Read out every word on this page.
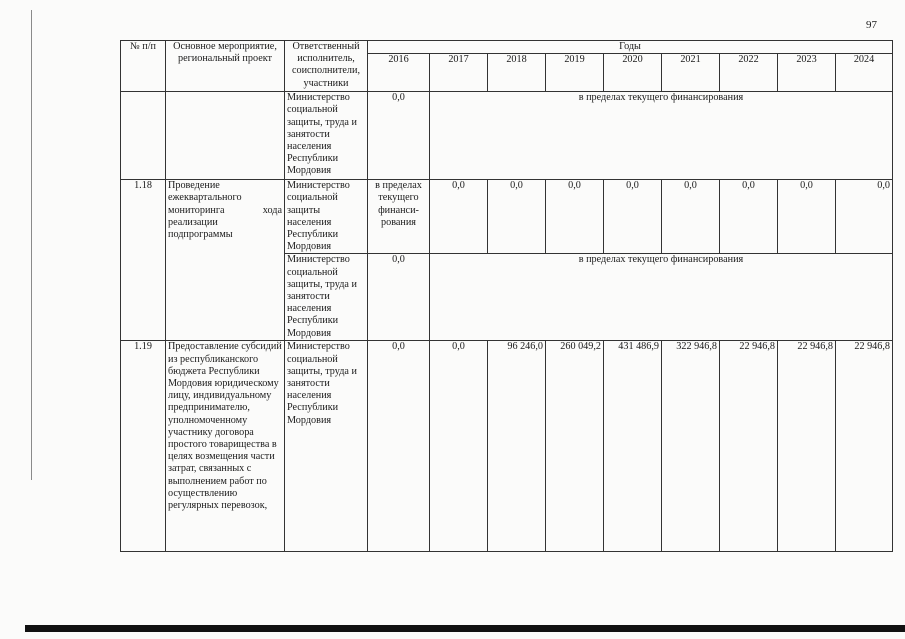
97
№ п/п	Основное мероприятие, региональный проект	Ответственный исполнитель, соисполнители, участники	Годы								
			2016	2017	2018	2019	2020	2021	2022	2023	2024
		Министерство социальной защиты, труда и занятости населения Республики Мордовия	0,0	в пределах текущего финансирования							
1.18	Проведение ежеквартального мониторинга хода реализации подпрограммы	Министерство социальной защиты населения Республики Мордовия	в пределах текущего финанси-рования	0,0	0,0	0,0	0,0	0,0	0,0	0,0	0,0
		Министерство социальной защиты, труда и занятости населения Республики Мордовия	0,0	в пределах текущего финансирования							
1.19	Предоставление субсидий из республиканского бюджета Республики Мордовия юридическому лицу, индивидуальному предпринимателю, уполномоченному участнику договора простого товарищества в целях возмещения части затрат, связанных с выполнением работ по осуществлению регулярных перевозок,	Министерство социальной защиты, труда и занятости населения Республики Мордовия	0,0	0,0	96 246,0	260 049,2	431 486,9	322 946,8	22 946,8	22 946,8	22 946,8
